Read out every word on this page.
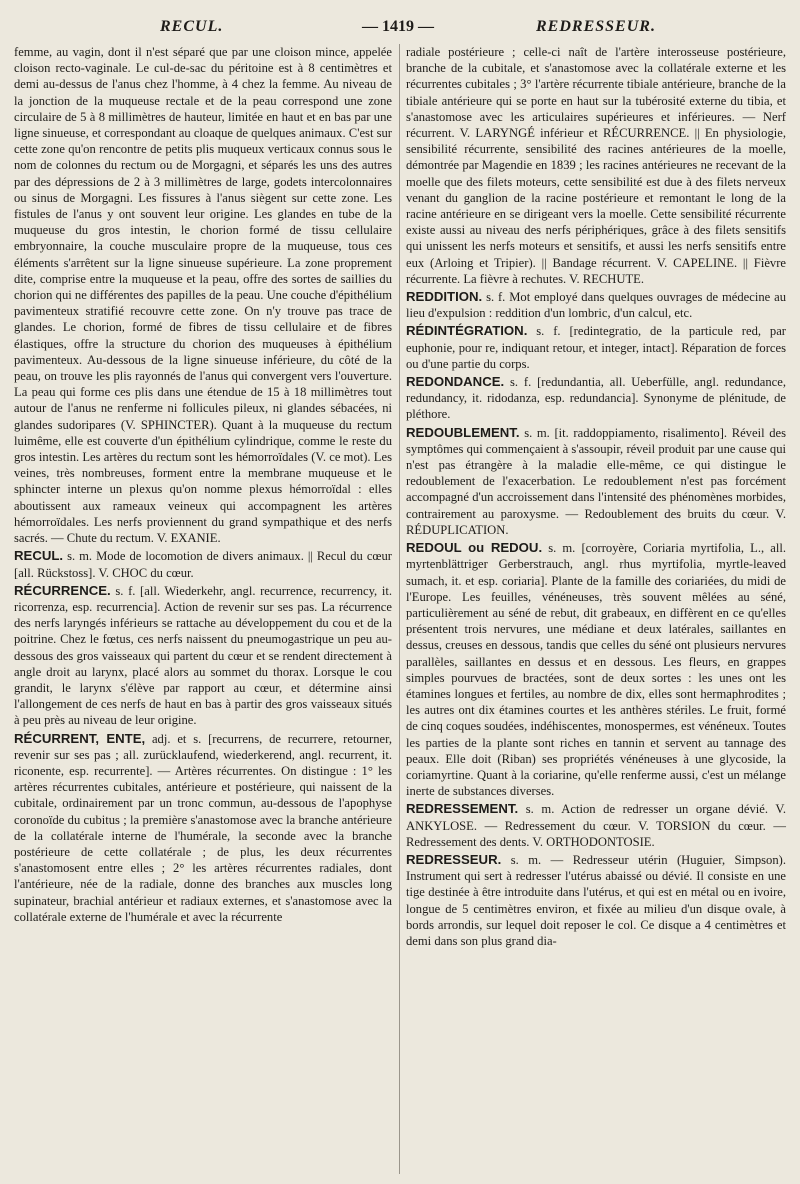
RECUL.	— 1419 —	REDRESSEUR.

femme, au vagin, dont il n'est séparé que par une cloison mince, appelée cloison recto-vaginale. Le cul-de-sac du péritoine est à 8 centimètres et demi au-dessus de l'anus chez l'homme, à 4 chez la femme. Au niveau de la jonction de la muqueuse rectale et de la peau correspond une zone circulaire de 5 à 8 millimètres de hauteur, limitée en haut et en bas par une ligne sinueuse, et correspondant au cloaque de quelques animaux. C'est sur cette zone qu'on rencontre de petits plis muqueux verticaux connus sous le nom de colonnes du rectum ou de Morgagni, et séparés les uns des autres par des dépressions de 2 à 3 millimètres de large, godets intercolonnaires ou sinus de Morgagni. Les fissures à l'anus siègent sur cette zone. Les fistules de l'anus y ont souvent leur origine. Les glandes en tube de la muqueuse du gros intestin, le chorion formé de tissu cellulaire embryonnaire, la couche musculaire propre de la muqueuse, tous ces éléments s'arrêtent sur la ligne sinueuse supérieure. La zone proprement dite, comprise entre la muqueuse et la peau, offre des sortes de saillies du chorion qui ne différentes des papilles de la peau. Une couche d'épithélium pavimenteux stratifié recouvre cette zone. On n'y trouve pas trace de glandes. Le chorion, formé de fibres de tissu cellulaire et de fibres élastiques, offre la structure du chorion des muqueuses à épithélium pavimenteux. Au-dessous de la ligne sinueuse inférieure, du côté de la peau, on trouve les plis rayonnés de l'anus qui convergent vers l'ouverture. La peau qui forme ces plis dans une étendue de 15 à 18 millimètres tout autour de l'anus ne renferme ni follicules pileux, ni glandes sébacées, ni glandes sudoripares (V. SPHINCTER). Quant à la muqueuse du rectum luimême, elle est couverte d'un épithélium cylindrique, comme le reste du gros intestin. Les artères du rectum sont les hémorroïdales (V. ce mot). Les veines, très nombreuses, forment entre la membrane muqueuse et le sphincter interne un plexus qu'on nomme plexus hémorroïdal : elles aboutissent aux rameaux veineux qui accompagnent les artères hémorroïdales. Les nerfs proviennent du grand sympathique et des nerfs sacrés. — Chute du rectum. V. EXANIE.

RECUL. s. m. Mode de locomotion de divers animaux. || Recul du cœur [all. Rückstoss]. V. CHOC du cœur.

RÉCURRENCE. s. f. [all. Wiederkehr, angl. recurrence, recurrency, it. ricorrenza, esp. recurrencia]. Action de revenir sur ses pas. La récurrence des nerfs laryngés inférieurs se rattache au développement du cou et de la poitrine. Chez le fœtus, ces nerfs naissent du pneumogastrique un peu au-dessous des gros vaisseaux qui partent du cœur et se rendent directement à angle droit au larynx, placé alors au sommet du thorax. Lorsque le cou grandit, le larynx s'élève par rapport au cœur, et détermine ainsi l'allongement de ces nerfs de haut en bas à partir des gros vaisseaux situés à peu près au niveau de leur origine.

RÉCURRENT, ENTE, adj. et s. [recurrens, de recurrere, retourner, revenir sur ses pas ; all. zurücklaufend, wiederkerend, angl. recurrent, it. riconente, esp. recurrente]. — Artères récurrentes. On distingue : 1° les artères récurrentes cubitales, antérieure et postérieure, qui naissent de la cubitale, ordinairement par un tronc commun, au-dessous de l'apophyse coronoïde du cubitus ; la première s'anastomose avec la branche antérieure de la collatérale interne de l'humérale, la seconde avec la branche postérieure de cette collatérale ; de plus, les deux récurrentes s'anastomosent entre elles ; 2° les artères récurrentes radiales, dont l'antérieure, née de la radiale, donne des branches aux muscles long supinateur, brachial antérieur et radiaux externes, et s'anastomose avec la collatérale externe de l'humérale et avec la récurrente

radiale postérieure ; celle-ci naît de l'artère interosseuse postérieure, branche de la cubitale, et s'anastomose avec la collatérale externe et les récurrentes cubitales ; 3° l'artère récurrente tibiale antérieure, branche de la tibiale antérieure qui se porte en haut sur la tubérosité externe du tibia, et s'anastomose avec les articulaires supérieures et inférieures. — Nerf récurrent. V. LARYNGÉ inférieur et RÉCURRENCE. || En physiologie, sensibilité récurrente, sensibilité des racines antérieures de la moelle, démontrée par Magendie en 1839 ; les racines antérieures ne recevant de la moelle que des filets moteurs, cette sensibilité est due à des filets nerveux venant du ganglion de la racine postérieure et remontant le long de la racine antérieure en se dirigeant vers la moelle. Cette sensibilité récurrente existe aussi au niveau des nerfs périphériques, grâce à des filets sensitifs qui unissent les nerfs moteurs et sensitifs, et aussi les nerfs sensitifs entre eux (Arloing et Tripier). || Bandage récurrent. V. CAPELINE. || Fièvre récurrente. La fièvre à rechutes. V. RECHUTE.

REDDITION. s. f. Mot employé dans quelques ouvrages de médecine au lieu d'expulsion : reddition d'un lombric, d'un calcul, etc.

RÉDINTÉGRATION. s. f. [redintegratio, de la particule red, par euphonie, pour re, indiquant retour, et integer, intact]. Réparation de forces ou d'une partie du corps.

REDONDANCE. s. f. [redundantia, all. Ueberfülle, angl. redundance, redundancy, it. ridodanza, esp. redundancia]. Synonyme de plénitude, de pléthore.

REDOUBLEMENT. s. m. [it. raddoppiamento, risalimento]. Réveil des symptômes qui commençaient à s'assoupir, réveil produit par une cause qui n'est pas étrangère à la maladie elle-même, ce qui distingue le redoublement de l'exacerbation. Le redoublement n'est pas forcément accompagné d'un accroissement dans l'intensité des phénomènes morbides, contrairement au paroxysme. — Redoublement des bruits du cœur. V. RÉDUPLICATION.

REDOUL ou REDOU. s. m. [corroyère, Coriaria myrtifolia, L., all. myrtenblättriger Gerberstrauch, angl. rhus myrtifolia, myrtle-leaved sumach, it. et esp. coriaria]. Plante de la famille des coriariées, du midi de l'Europe. Les feuilles, vénéneuses, très souvent mêlées au séné, particulièrement au séné de rebut, dit grabeaux, en diffèrent en ce qu'elles présentent trois nervures, une médiane et deux latérales, saillantes en dessus, creuses en dessous, tandis que celles du séné ont plusieurs nervures parallèles, saillantes en dessus et en dessous. Les fleurs, en grappes simples pourvues de bractées, sont de deux sortes : les unes ont les étamines longues et fertiles, au nombre de dix, elles sont hermaphrodites ; les autres ont dix étamines courtes et les anthères stériles. Le fruit, formé de cinq coques soudées, indéhiscentes, monospermes, est vénéneux. Toutes les parties de la plante sont riches en tannin et servent au tannage des peaux. Elle doit (Riban) ses propriétés vénéneuses à une glycoside, la coriamyrtine. Quant à la coriarine, qu'elle renferme aussi, c'est un mélange inerte de substances diverses.

REDRESSEMENT. s. m. Action de redresser un organe dévié. V. ANKYLOSE. — Redressement du cœur. V. TORSION du cœur. — Redressement des dents. V. ORTHODONTOSIE.

REDRESSEUR. s. m. — Redresseur utérin (Huguier, Simpson). Instrument qui sert à redresser l'utérus abaissé ou dévié. Il consiste en une tige destinée à être introduite dans l'utérus, et qui est en métal ou en ivoire, longue de 5 centimètres environ, et fixée au milieu d'un disque ovale, à bords arrondis, sur lequel doit reposer le col. Ce disque a 4 centimètres et demi dans son plus grand dia-
